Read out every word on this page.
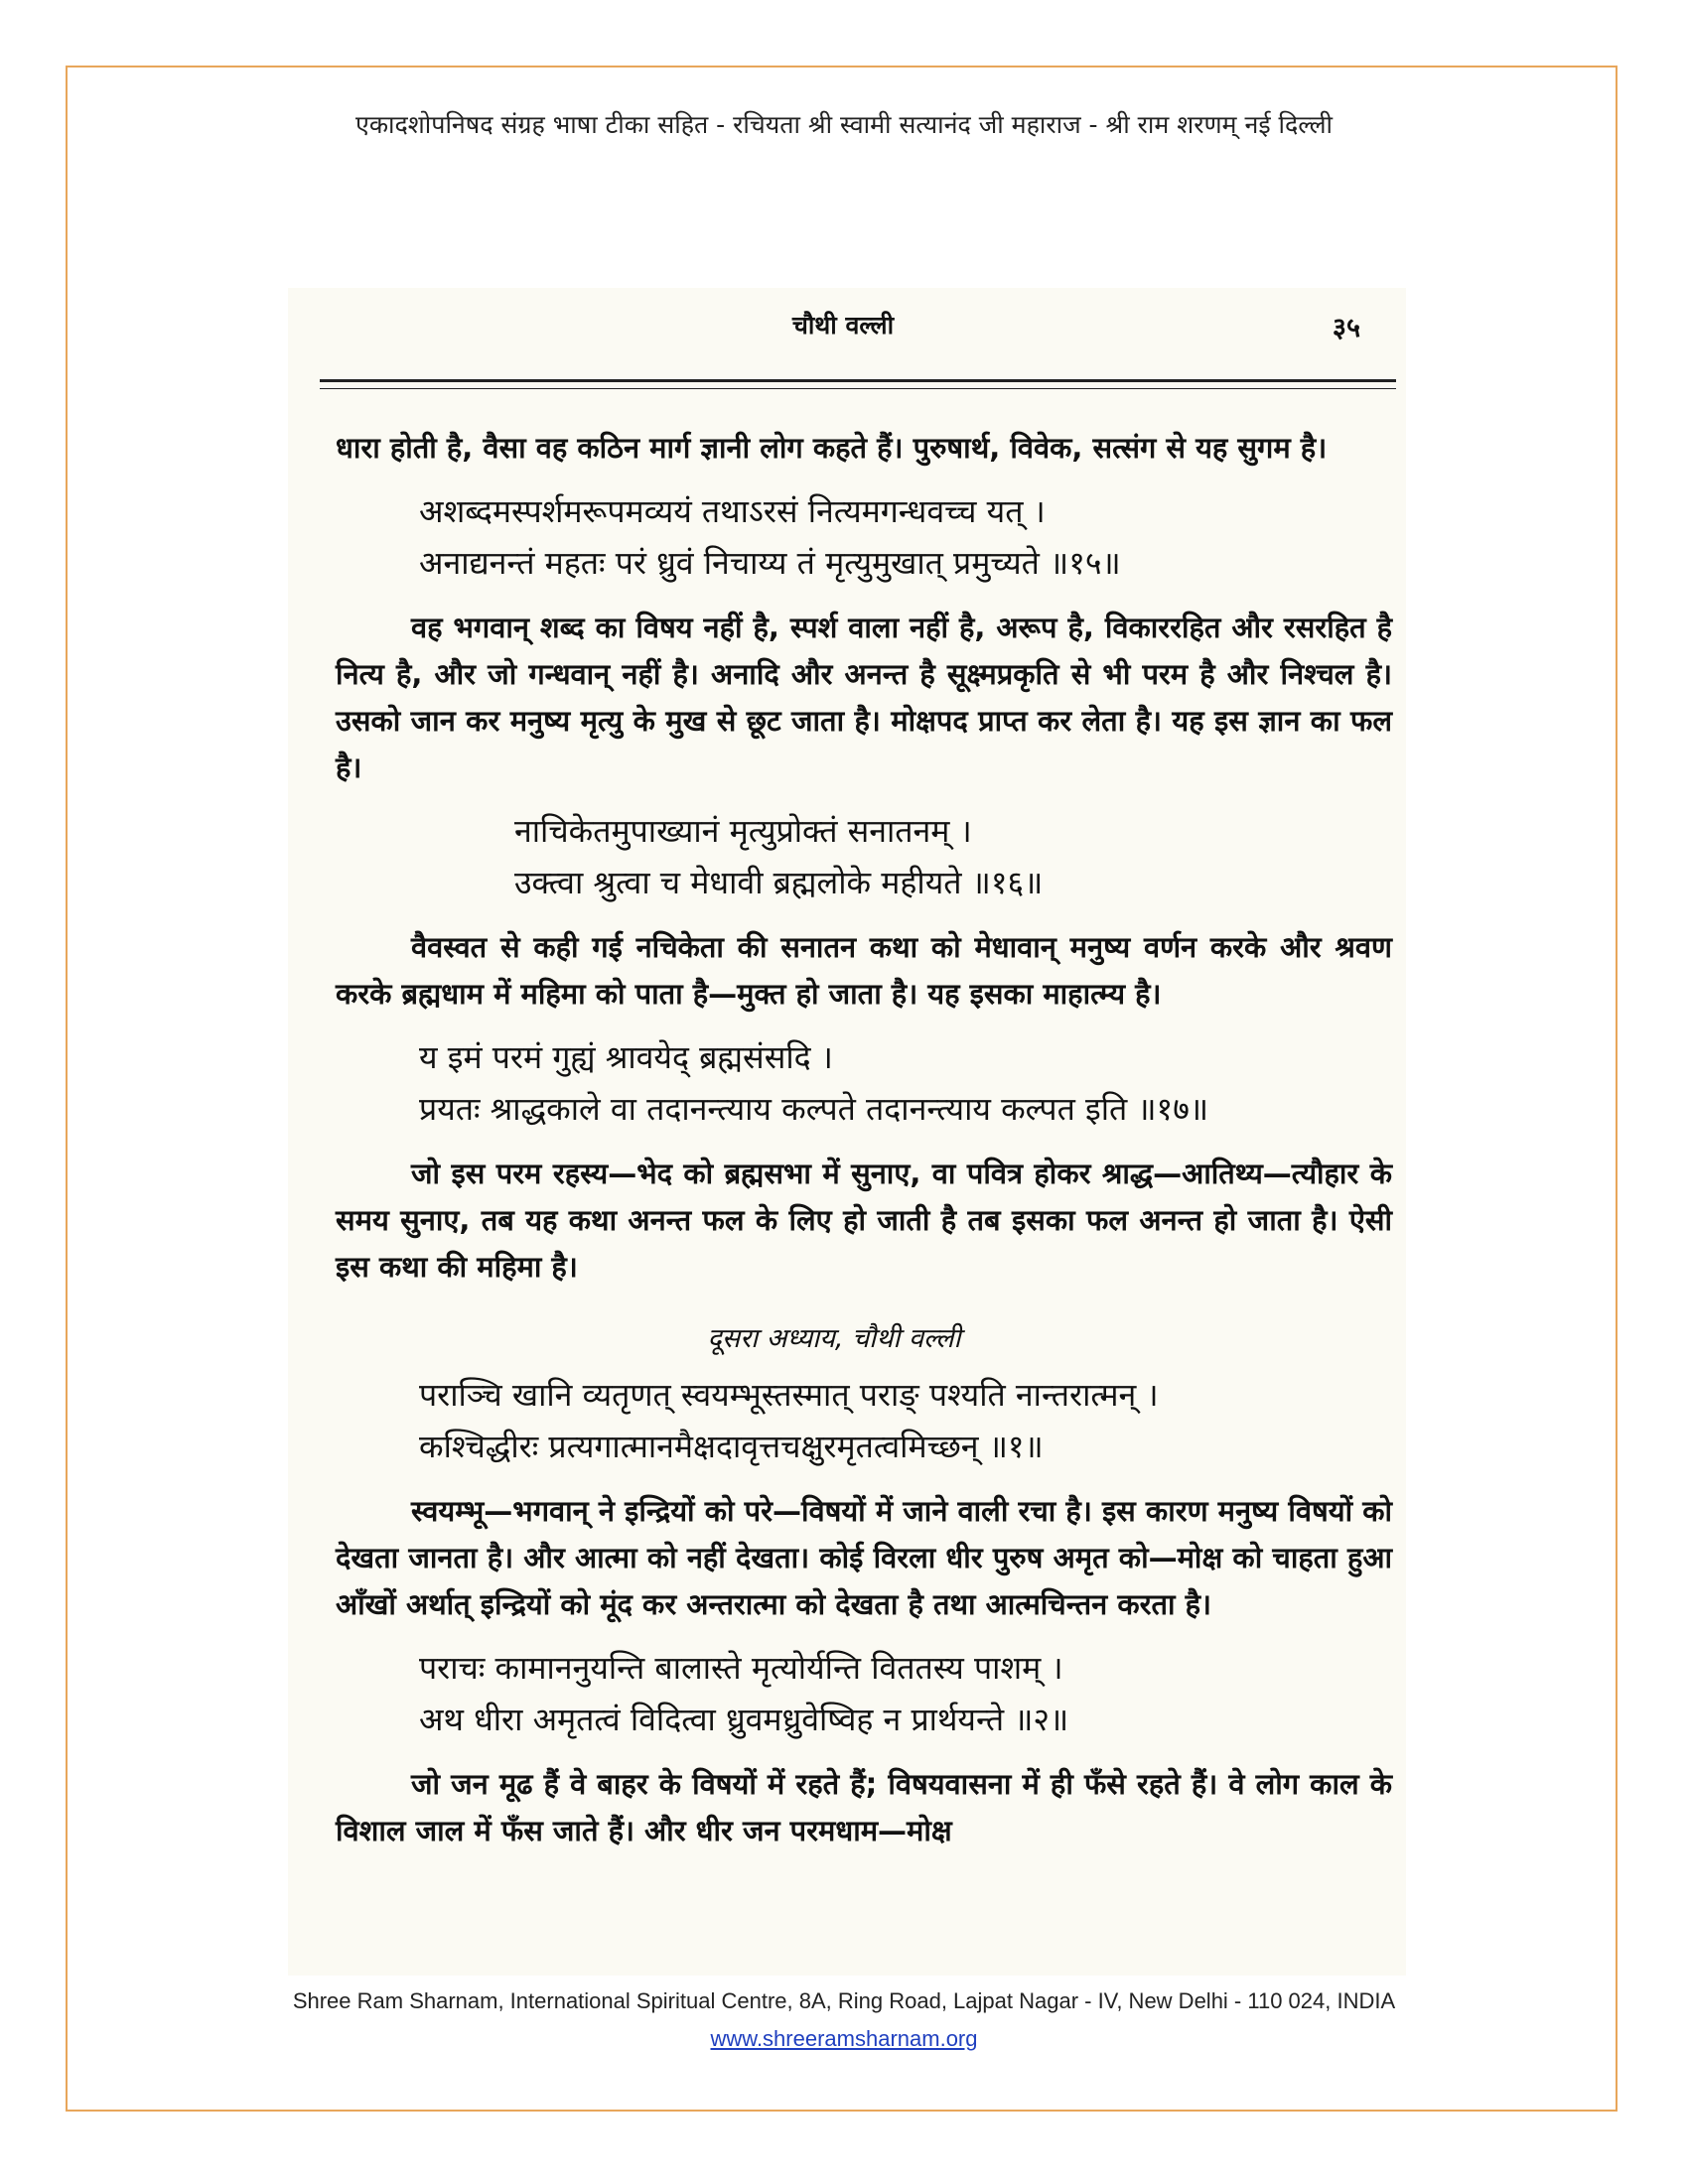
एकादशोपनिषद संग्रह भाषा टीका सहित - रचियता श्री स्वामी सत्यानंद जी महाराज - श्री राम शरणम् नई दिल्ली
चौथी वल्ली	३५

धारा होती है, वैसा वह कठिन मार्ग ज्ञानी लोग कहते हैं। पुरुषार्थ, विवेक, सत्संग से यह सुगम है।

अशब्दमस्पर्शमरूपमव्ययं तथाऽरसं नित्यमगन्धवच्च यत् ।
अनाद्यनन्तं महतः परं ध्रुवं निचाय्य तं मृत्युमुखात् प्रमुच्यते ॥१५॥

वह भगवान् शब्द का विषय नहीं है, स्पर्श वाला नहीं है, अरूप है, विकाररहित और रसरहित है नित्य है, और जो गन्धवान् नहीं है। अनादि और अनन्त है सूक्ष्मप्रकृति से भी परम है और निश्चल है। उसको जान कर मनुष्य मृत्यु के मुख से छूट जाता है। मोक्षपद प्राप्त कर लेता है। यह इस ज्ञान का फल है।

नाचिकेतमुपाख्यानं मृत्युप्रोक्तं सनातनम् ।
उक्त्वा श्रुत्वा च मेधावी ब्रह्मलोके महीयते ॥१६॥

वैवस्वत से कही गई नचिकेता की सनातन कथा को मेधावान् मनुष्य वर्णन करके और श्रवण करके ब्रह्मधाम में महिमा को पाता है—मुक्त हो जाता है। यह इसका माहात्म्य है।

य इमं परमं गुह्यं श्रावयेद् ब्रह्मसंसदि ।
प्रयतः श्राद्धकाले वा तदानन्त्याय कल्पते तदानन्त्याय कल्पत इति ॥१७॥

जो इस परम रहस्य—भेद को ब्रह्मसभा में सुनाए, वा पवित्र होकर श्राद्ध—आतिथ्य—त्यौहार के समय सुनाए, तब यह कथा अनन्त फल के लिए हो जाती है तब इसका फल अनन्त हो जाता है। ऐसी इस कथा की महिमा है।

दूसरा अध्याय, चौथी वल्ली
पराञ्चि खानि व्यतृणत् स्वयम्भूस्तस्मात् पराङ् पश्यति नान्तरात्मन् ।
कश्चिद्धीरः प्रत्यगात्मानमैक्षदावृत्तचक्षुरमृतत्वमिच्छन् ॥१॥

स्वयम्भू—भगवान् ने इन्द्रियों को परे—विषयों में जाने वाली रचा है। इस कारण मनुष्य विषयों को देखता जानता है। और आत्मा को नहीं देखता। कोई विरला धीर पुरुष अमृत को—मोक्ष को चाहता हुआ आँखों अर्थात् इन्द्रियों को मूंद कर अन्तरात्मा को देखता है तथा आत्मचिन्तन करता है।

पराचः कामाननुयन्ति बालास्ते मृत्योर्यन्ति विततस्य पाशम् ।
अथ धीरा अमृतत्वं विदित्वा ध्रुवमध्रुवेष्विह न प्रार्थयन्ते ॥२॥

जो जन मूढ हैं वे बाहर के विषयों में रहते हैं; विषयवासना में ही फँसे रहते हैं। वे लोग काल के विशाल जाल में फँस जाते हैं। और धीर जन परमधाम—मोक्ष

Shree Ram Sharnam, International Spiritual Centre, 8A, Ring Road, Lajpat Nagar - IV, New Delhi - 110 024, INDIA
www.shreeramsharnam.org
